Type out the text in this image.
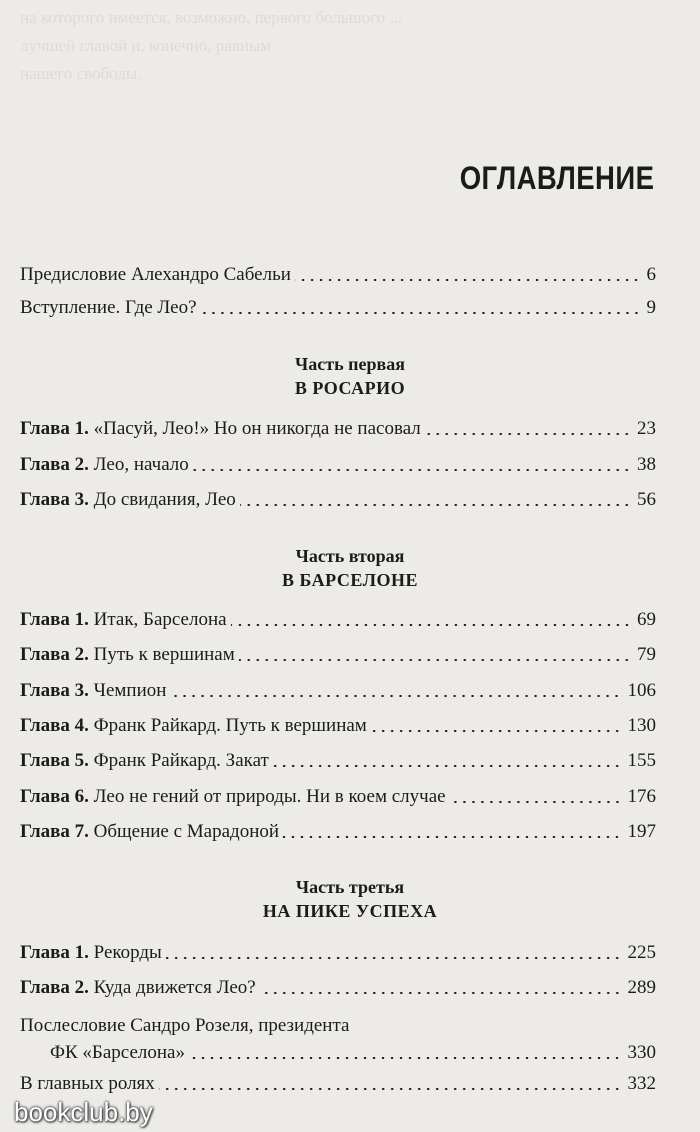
на которого имеется, возможно, первого большого ...
лучшей главой и, конечно, равным
нашего свободы.
ОГЛАВЛЕНИЕ
Предисловие Алехандро Сабельи	6
Вступление. Где Лео?	9
Часть первая
В РОСАРИО
Глава 1. «Пасуй, Лео!» Но он никогда не пасовал	23
Глава 2. Лео, начало	38
Глава 3. До свидания, Лео	56
Часть вторая
В БАРСЕЛОНЕ
Глава 1. Итак, Барселона	69
Глава 2. Путь к вершинам	79
Глава 3. Чемпион	106
Глава 4. Франк Райкард. Путь к вершинам	130
Глава 5. Франк Райкард. Закат	155
Глава 6. Лео не гений от природы. Ни в коем случае	176
Глава 7. Общение с Марадоной	197
Часть третья
НА ПИКЕ УСПЕХА
Глава 1. Рекорды	225
Глава 2. Куда движется Лео?	289
Послесловие Сандро Розеля, президента
ФК «Барселона»	330
В главных ролях	332
bookclub.by
